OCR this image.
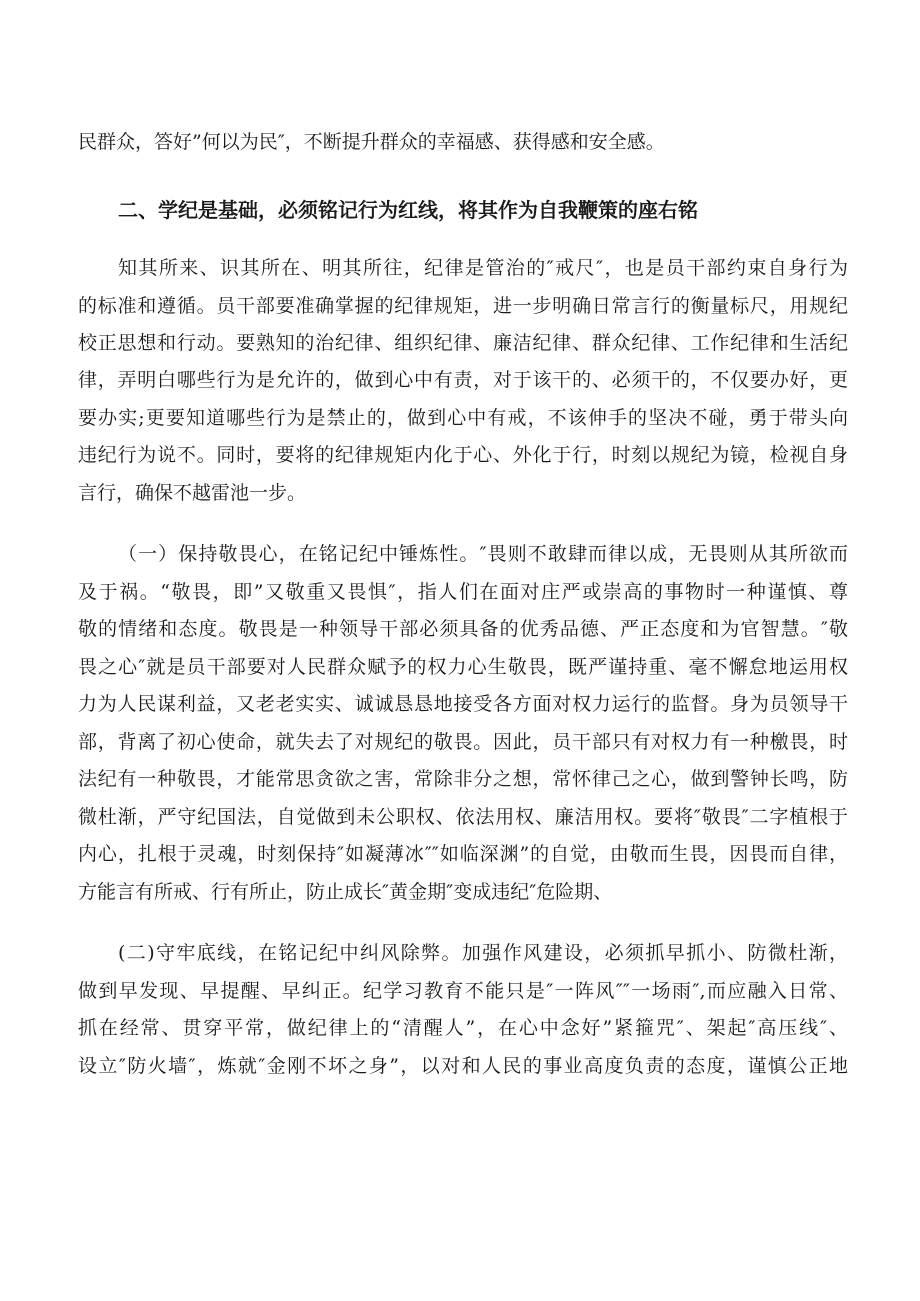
民群众，答好”何以为民″，不断提升群众的幸福感、获得感和安全感。
二、学纪是基础，必须铭记行为红线，将其作为自我鞭策的座右铭
知其所来、识其所在、明其所往，纪律是管治的″戒尺″，也是员干部约束自身行为
的标准和遵循。员干部要准确掌握的纪律规矩，进一步明确日常言行的衡量标尺，用规纪
校正思想和行动。要熟知的治纪律、组织纪律、廉洁纪律、群众纪律、工作纪律和生活纪
律，弄明白哪些行为是允许的，做到心中有责，对于该干的、必须干的，不仅要办好，更
要办实;更要知道哪些行为是禁止的，做到心中有戒，不该伸手的坚决不碰，勇于带头向
违纪行为说不。同时，要将的纪律规矩内化于心、外化于行，时刻以规纪为镜，检视自身
言行，确保不越雷池一步。
（一）保持敬畏心，在铭记纪中锤炼性。″畏则不敢肆而律以成，无畏则从其所欲而
及于祸。“敬畏，即”又敬重又畏惧″，指人们在面对庄严或崇高的事物时一种谨慎、尊
敬的情绪和态度。敬畏是一种领导干部必须具备的优秀品德、严正态度和为官智慧。″敬
畏之心″就是员干部要对人民群众赋予的权力心生敬畏，既严谨持重、毫不懈怠地运用权
力为人民谋利益，又老老实实、诚诚恳恳地接受各方面对权力运行的监督。身为员领导干
部，背离了初心使命，就失去了对规纪的敬畏。因此，员干部只有对权力有一种檄畏，时
法纪有一种敬畏，才能常思贪欲之害，常除非分之想，常怀律己之心，做到警钟长鸣，防
微杜渐，严守纪国法，自觉做到未公职权、依法用权、廉洁用权。要将″敬畏″二字植根于
内心，扎根于灵魂，时刻保持″如凝薄冰″″如临深渊”的自觉，由敬而生畏，因畏而自律，
方能言有所戒、行有所止，防止成长″黄金期″变成违纪″危险期、
(二)守牢底线，在铭记纪中纠风除弊。加强作风建设，必须抓早抓小、防微杜渐，
做到早发现、早提醒、早纠正。纪学习教育不能只是″一阵风″″一场雨″,而应融入日常、
抓在经常、贯穿平常，做纪律上的“清醒人”，在心中念好”紧箍咒″、架起″高压线″、
设立″防火墙″，炼就″金刚不坏之身”，以对和人民的事业高度负责的态度，谨慎公正地
